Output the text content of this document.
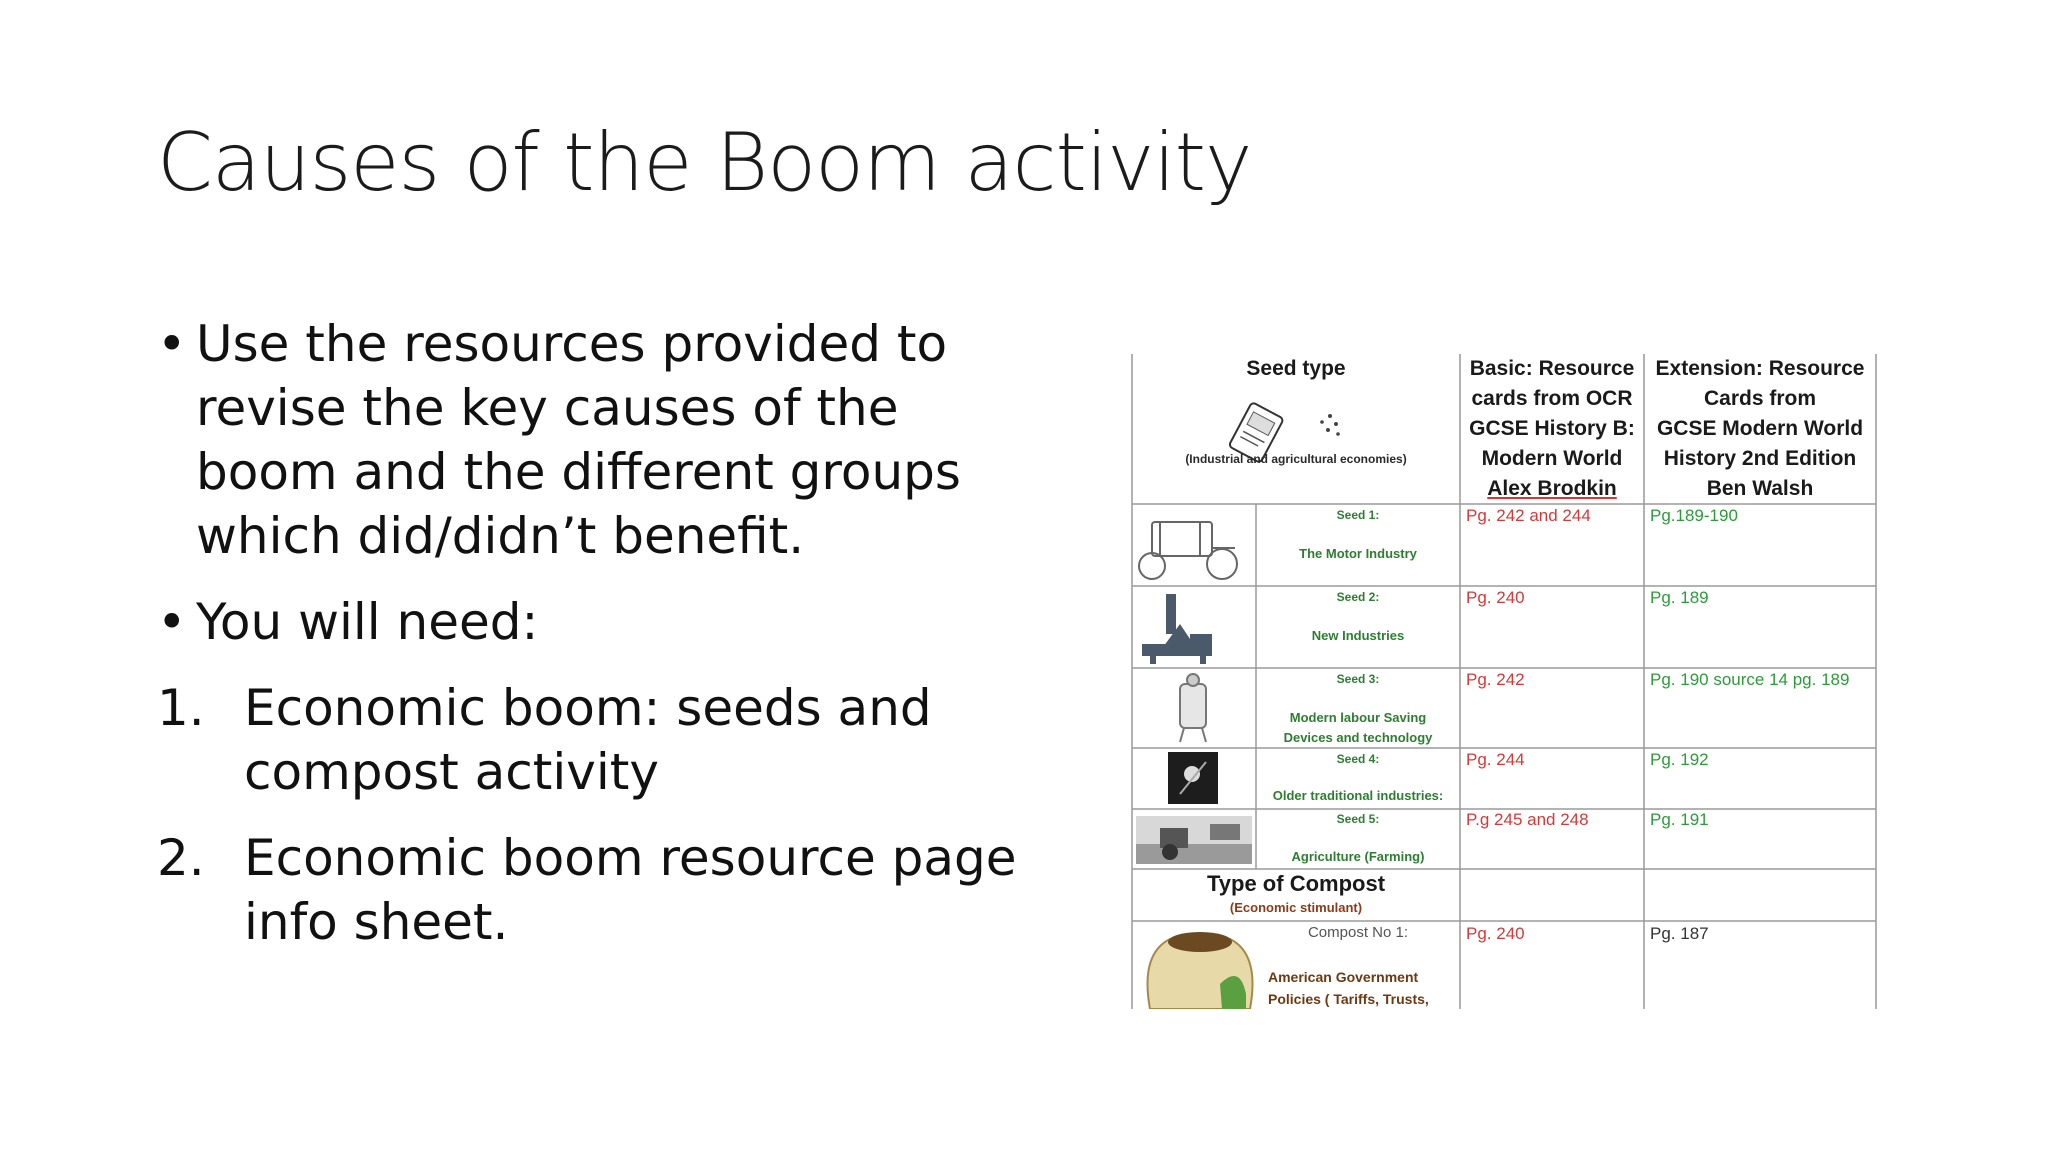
Causes of the Boom activity
• Use the resources provided to
revise the key causes of the
boom and the different groups
which did/didn’t benefit.
• You will need:
1. Economic boom: seeds and
compost activity
2. Economic boom resource page
info sheet.
Seed type
(Industrial and agricultural economies)
Basic: Resource
cards from OCR
GCSE History B:
Modern World
Alex Brodkin
Extension: Resource
Cards from
GCSE Modern World
History 2nd Edition
Ben Walsh
Seed 1:
The Motor Industry
Pg. 242 and 244	Pg.189-190
Seed 2:
New Industries
Pg. 240	Pg. 189
Seed 3:
Modern labour Saving
Devices and technology
Pg. 242	Pg. 190 source 14 pg. 189
Seed 4:
Older traditional industries:
Pg. 244	Pg. 192
Seed 5:
Agriculture (Farming)
P.g 245 and 248	Pg. 191
Type of Compost
(Economic stimulant)
Compost No 1:
American Government
Policies ( Tariffs, Trusts,
Pg. 240	Pg. 187
